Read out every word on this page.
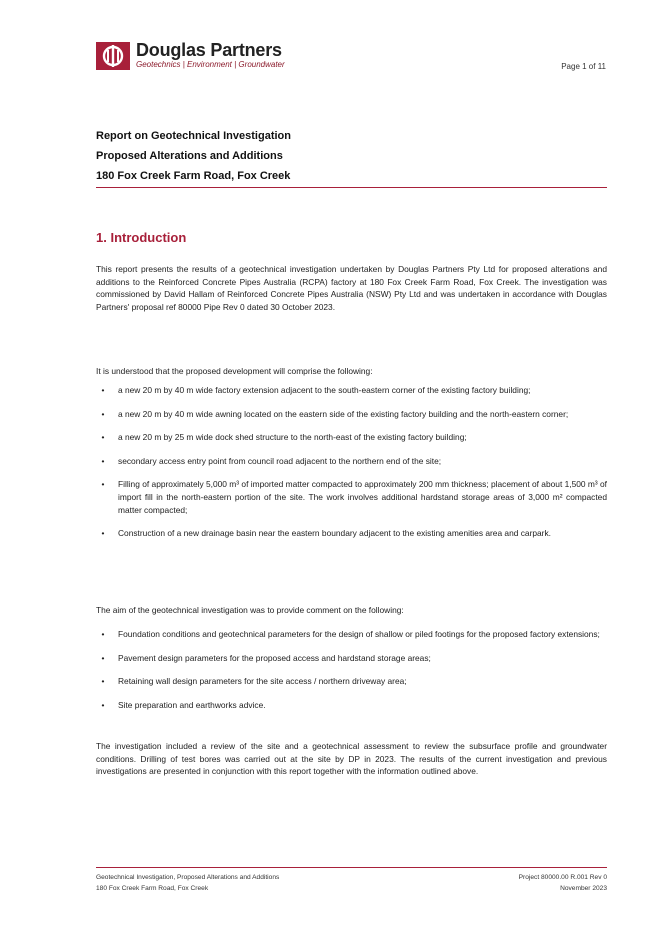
Douglas Partners
Geotechnics | Environment | Groundwater	Page 1 of 11
Report on Geotechnical Investigation
Proposed Alterations and Additions
180 Fox Creek Farm Road, Fox Creek
1. Introduction

This report presents the results of a geotechnical investigation undertaken by Douglas Partners Pty Ltd for proposed alterations and additions to the Reinforced Concrete Pipes Australia (RCPA) factory at 180 Fox Creek Farm Road, Fox Creek. The investigation was commissioned by David Hallam of Reinforced Concrete Pipes Australia (NSW) Pty Ltd and was undertaken in accordance with Douglas Partners' proposal ref 80000 Pipe Rev 0 dated 30 October 2023.

It is understood that the proposed development will comprise the following:

•	a new 20 m by 40 m wide factory extension adjacent to the south-eastern corner of the existing factory building;
•	a new 20 m by 40 m wide awning located on the eastern side of the existing factory building and the north-eastern corner;
•	a new 20 m by 25 m wide dock shed structure to the north-east of the existing factory building;
•	secondary access entry point from council road adjacent to the northern end of the site;
•	Filling of approximately 5,000 m³ of imported matter compacted to approximately 200 mm thickness; placement of about 1,500 m³ of import fill in the north-eastern portion of the site. The work involves additional hardstand storage areas of 3,000 m² compacted matter compacted;
•	Construction of a new drainage basin near the eastern boundary adjacent to the existing amenities area and carpark.

The aim of the geotechnical investigation was to provide comment on the following:

•	Foundation conditions and geotechnical parameters for the design of shallow or piled footings for the proposed factory extensions;
•	Pavement design parameters for the proposed access and hardstand storage areas;
•	Retaining wall design parameters for the site access / northern driveway area;
•	Site preparation and earthworks advice.

The investigation included a review of the site and a geotechnical assessment to review the subsurface profile and groundwater conditions. Drilling of test bores was carried out at the site by DP in 2023. The results of the current investigation and previous investigations are presented in conjunction with this report together with the information outlined above.

Geotechnical Investigation, Proposed Alterations and Additions
180 Fox Creek Farm Road, Fox Creek
Project 80000.00 R.001 Rev 0
November 2023
